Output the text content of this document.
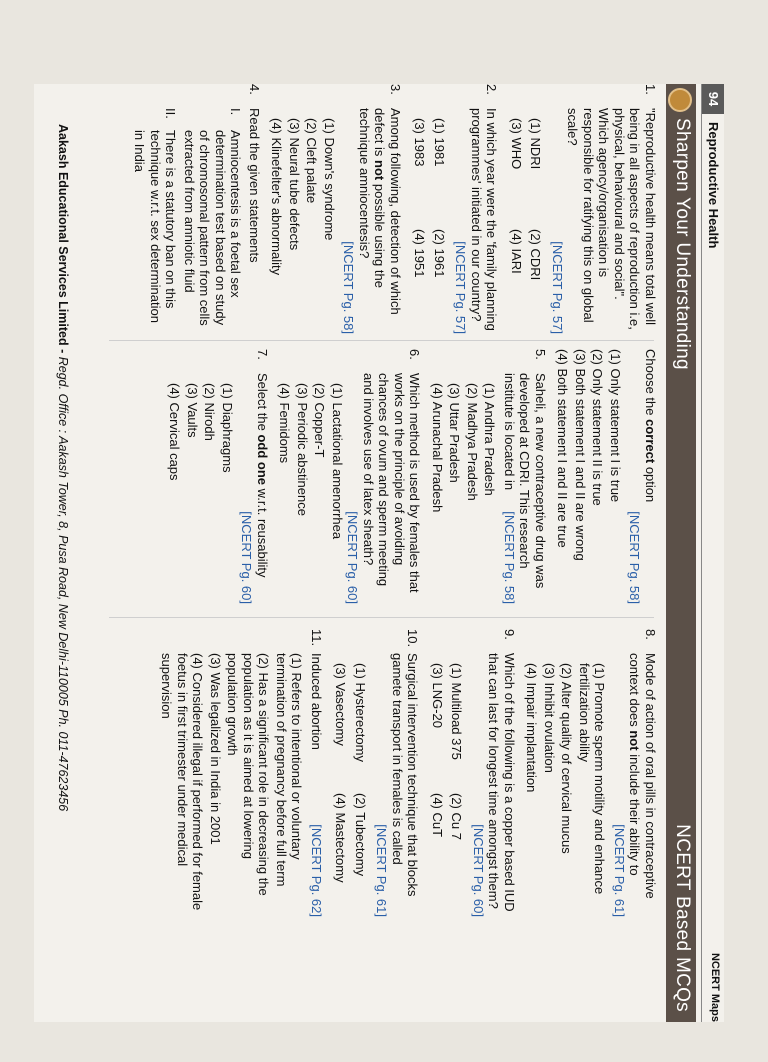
94
Reproductive Health
NCERT Maps
Sharpen Your Understanding
NCERT Based MCQs
1.
"Reproductive health means total well being in all aspects of reproduction i.e, physical, behavioural and social". Which agency/organisation is responsible for ratifying this on global scale?
[NCERT Pg. 57]
(1) NDRI
(2) CDRI
(3) WHO
(4) IARI
2.
In which year were the 'family planning programmes' initiated in our country?
[NCERT Pg. 57]
(1) 1981
(2) 1961
(3) 1983
(4) 1951
3.
Among following, detection of which defect is not possible using the technique amniocentesis?
[NCERT Pg. 58]
(1) Down's syndrome
(2) Cleft palate
(3) Neural tube defects
(4) Klinefelter's abnormality
4.
Read the given statements
I.
Amniocentesis is a foetal sex determination test based on study of chromosomal pattern from cells extracted from amniotic fluid
II.
There is a statutory ban on this technique w.r.t. sex determination in India
Choose the correct option
[NCERT Pg. 58]
(1) Only statement I is true
(2) Only statement II is true
(3) Both statement I and II are wrong
(4) Both statement I and II are true
5.
Saheli, a new contraceptive drug was developed at CDRI. This research institute is located in
[NCERT Pg. 58]
(1) Andhra Pradesh
(2) Madhya Pradesh
(3) Uttar Pradesh
(4) Arunachal Pradesh
6.
Which method is used by females that works on the principle of avoiding chances of ovum and sperm meeting and involves use of latex sheath?
[NCERT Pg. 60]
(1) Lactational amenorrhea
(2) Copper-T
(3) Periodic abstinence
(4) Femidoms
7.
Select the odd one w.r.t. reusability
[NCERT Pg. 60]
(1) Diaphragms
(2) Nirodh
(3) Vaults
(4) Cervical caps
8.
Mode of action of oral pills in contraceptive context does not include their ability to
[NCERT Pg. 61]
(1) Promote sperm motility and enhance fertilization ability
(2) Alter quality of cervical mucus
(3) Inhibit ovulation
(4) Impair implantation
9.
Which of the following is a copper based IUD that can last for longest time amongst them?
[NCERT Pg. 60]
(1) Multiload 375
(2) Cu 7
(3) LNG-20
(4) CuT
10.
Surgical intervention technique that blocks gamete transport in females is called
[NCERT Pg. 61]
(1) Hysterectomy
(2) Tubectomy
(3) Vasectomy
(4) Mastectomy
11.
Induced abortion
[NCERT Pg. 62]
(1) Refers to intentional or voluntary termination of pregnancy before full term
(2) Has a significant role in decreasing the population as it is aimed at lowering population growth
(3) Was legalized in India in 2001
(4) Considered illegal if performed for female foetus in first trimester under medical supervision
Aakash Educational Services Limited - Regd. Office : Aakash Tower, 8, Pusa Road, New Delhi-110005 Ph. 011-47623456
